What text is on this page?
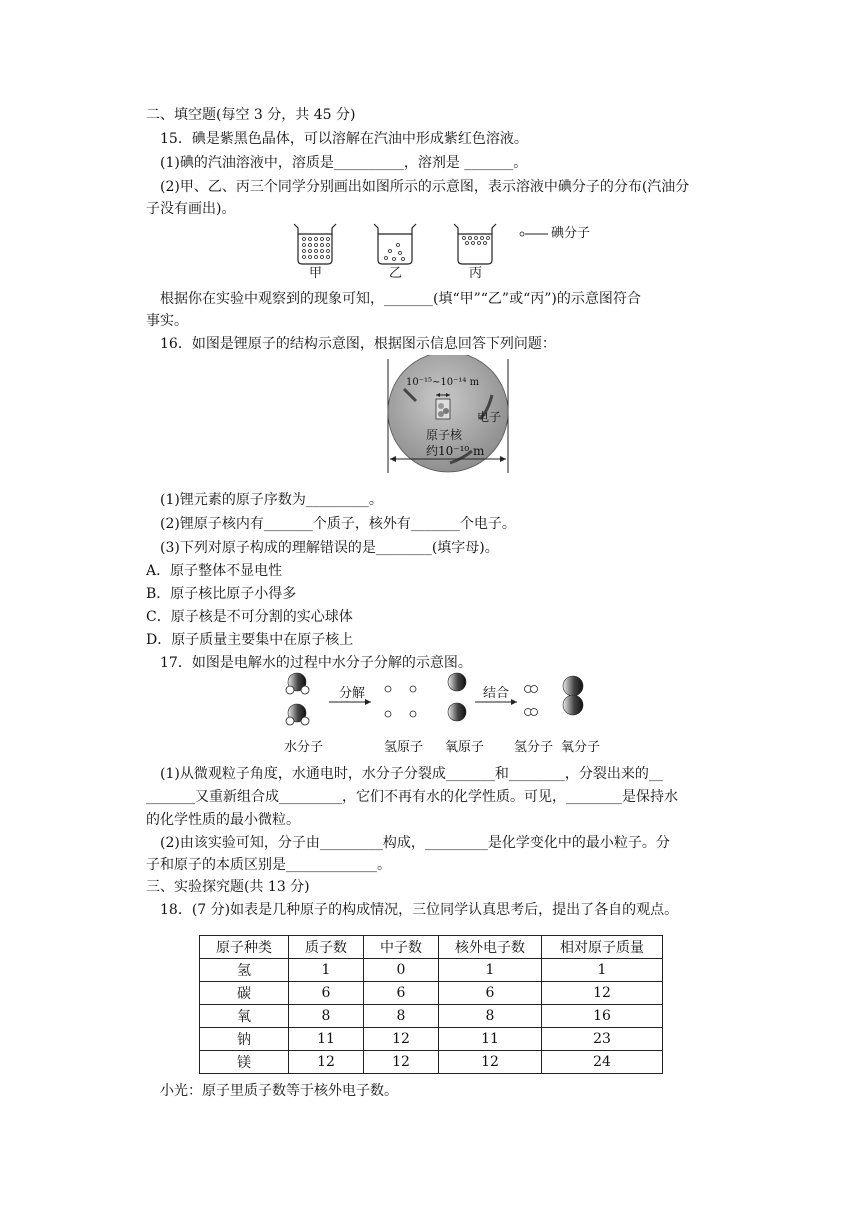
二、填空题(每空 3 分，共 45 分)
15．碘是紫黑色晶体，可以溶解在汽油中形成紫红色溶液。
(1)碘的汽油溶液中，溶质是__________，溶剂是 _______。
(2)甲、乙、丙三个同学分别画出如图所示的示意图，表示溶液中碘分子的分布(汽油分
子没有画出)。
碘分子
甲	乙	丙
根据你在实验中观察到的现象可知，_______(填“甲”“乙”或“丙”)的示意图符合
事实。
16．如图是锂原子的结构示意图，根据图示信息回答下列问题：
10⁻¹⁵~10⁻¹⁴ m
电子
原子核
约10⁻¹⁰ m
(1)锂元素的原子序数为_________。
(2)锂原子核内有_______个质子，核外有_______个电子。
(3)下列对原子构成的理解错误的是________(填字母)。
A．原子整体不显电性
B．原子核比原子小得多
C．原子核是不可分割的实心球体
D．原子质量主要集中在原子核上
17．如图是电解水的过程中水分子分解的示意图。
分解	结合
水分子	氢原子 氧原子 氢分子 氧分子
(1)从微观粒子角度，水通电时，水分子分裂成_______和________，分裂出来的__
_______又重新组合成_________，它们不再有水的化学性质。可见，________是保持水
的化学性质的最小微粒。
(2)由该实验可知，分子由_________构成，_________是化学变化中的最小粒子。分
子和原子的本质区别是_____________。
三、实验探究题(共 13 分)
18．(7 分)如表是几种原子的构成情况，三位同学认真思考后，提出了各自的观点。
原子种类	质子数	中子数	核外电子数	相对原子质量
氢	1	0	1	1
碳	6	6	6	12
氧	8	8	8	16
钠	11	12	11	23
镁	12	12	12	24
小光：原子里质子数等于核外电子数。
